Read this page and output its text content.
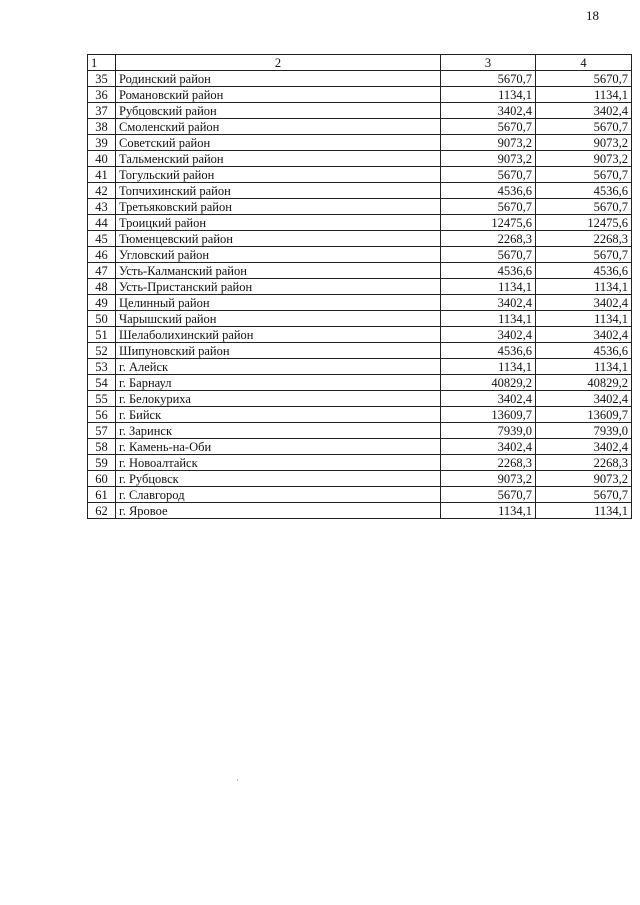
18
1	2	3	4
35	Родинский район	5670,7	5670,7
36	Романовский район	1134,1	1134,1
37	Рубцовский район	3402,4	3402,4
38	Смоленский район	5670,7	5670,7
39	Советский район	9073,2	9073,2
40	Тальменский район	9073,2	9073,2
41	Тогульский район	5670,7	5670,7
42	Топчихинский район	4536,6	4536,6
43	Третьяковский район	5670,7	5670,7
44	Троицкий район	12475,6	12475,6
45	Тюменцевский район	2268,3	2268,3
46	Угловский район	5670,7	5670,7
47	Усть-Калманский район	4536,6	4536,6
48	Усть-Пристанский район	1134,1	1134,1
49	Целинный район	3402,4	3402,4
50	Чарышский район	1134,1	1134,1
51	Шелаболихинский район	3402,4	3402,4
52	Шипуновский район	4536,6	4536,6
53	г. Алейск	1134,1	1134,1
54	г. Барнаул	40829,2	40829,2
55	г. Белокуриха	3402,4	3402,4
56	г. Бийск	13609,7	13609,7
57	г. Заринск	7939,0	7939,0
58	г. Камень-на-Оби	3402,4	3402,4
59	г. Новоалтайск	2268,3	2268,3
60	г. Рубцовск	9073,2	9073,2
61	г. Славгород	5670,7	5670,7
62	г. Яровое	1134,1	1134,1
